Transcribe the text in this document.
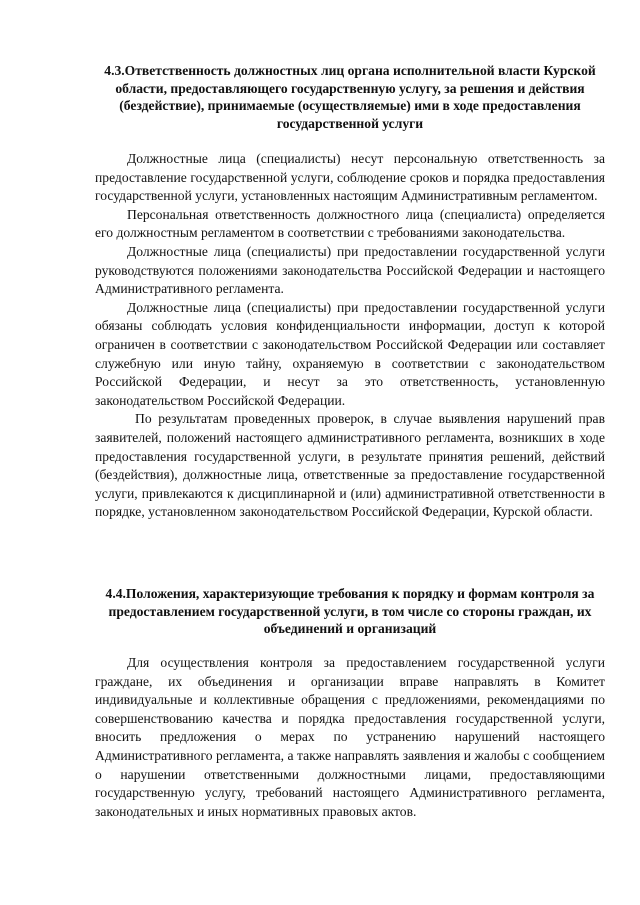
4.3.Ответственность должностных лиц органа исполнительной власти Курской области, предоставляющего государственную услугу, за решения и действия (бездействие), принимаемые (осуществляемые) ими в ходе предоставления государственной услуги

Должностные лица (специалисты) несут персональную ответственность за предоставление государственной услуги, соблюдение сроков и порядка предоставления государственной услуги, установленных настоящим Административным регламентом.

Персональная ответственность должностного лица (специалиста) определяется его должностным регламентом в соответствии с требованиями законодательства.

Должностные лица (специалисты) при предоставлении государственной услуги руководствуются положениями законодательства Российской Федерации и настоящего Административного регламента.

Должностные лица (специалисты) при предоставлении государственной услуги обязаны соблюдать условия конфиденциальности информации, доступ к которой ограничен в соответствии с законодательством Российской Федерации или составляет служебную или иную тайну, охраняемую в соответствии с законодательством Российской Федерации, и несут за это ответственность, установленную законодательством Российской Федерации.

По результатам проведенных проверок, в случае выявления нарушений прав заявителей, положений настоящего административного регламента, возникших в ходе предоставления государственной услуги, в результате принятия решений, действий (бездействия), должностные лица, ответственные за предоставление государственной услуги, привлекаются к дисциплинарной и (или) административной ответственности в порядке, установленном законодательством Российской Федерации, Курской области.

4.4.Положения, характеризующие требования к порядку и формам контроля за предоставлением государственной услуги, в том числе со стороны граждан, их объединений и организаций

Для осуществления контроля за предоставлением государственной услуги граждане, их объединения и организации вправе направлять в Комитет индивидуальные и коллективные обращения с предложениями, рекомендациями по совершенствованию качества и порядка предоставления государственной услуги, вносить предложения о мерах по устранению нарушений настоящего Административного регламента, а также направлять заявления и жалобы с сообщением о нарушении ответственными должностными лицами, предоставляющими государственную услугу, требований настоящего Административного регламента, законодательных и иных нормативных правовых актов.
